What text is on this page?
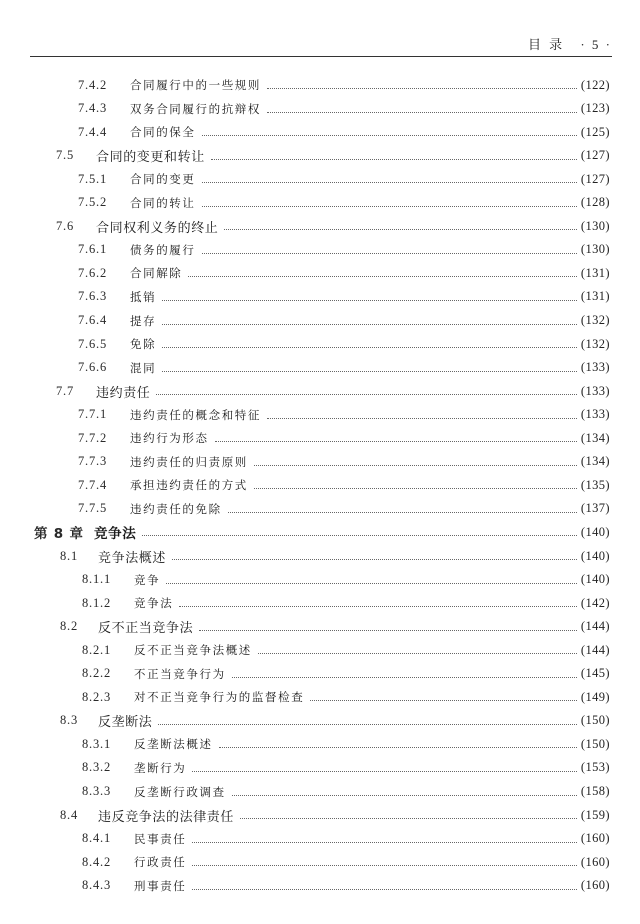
目 录 · 5 ·
7.4.2	合同履行中的一些规则	(122)
7.4.3	双务合同履行的抗辩权	(123)
7.4.4	合同的保全	(125)
7.5	合同的变更和转让	(127)
7.5.1	合同的变更	(127)
7.5.2	合同的转让	(128)
7.6	合同权利义务的终止	(130)
7.6.1	债务的履行	(130)
7.6.2	合同解除	(131)
7.6.3	抵销	(131)
7.6.4	提存	(132)
7.6.5	免除	(132)
7.6.6	混同	(133)
7.7	违约责任	(133)
7.7.1	违约责任的概念和特征	(133)
7.7.2	违约行为形态	(134)
7.7.3	违约责任的归责原则	(134)
7.7.4	承担违约责任的方式	(135)
7.7.5	违约责任的免除	(137)
第 8 章 竞争法	(140)
8.1	竞争法概述	(140)
8.1.1	竞争	(140)
8.1.2	竞争法	(142)
8.2	反不正当竞争法	(144)
8.2.1	反不正当竞争法概述	(144)
8.2.2	不正当竞争行为	(145)
8.2.3	对不正当竞争行为的监督检查	(149)
8.3	反垄断法	(150)
8.3.1	反垄断法概述	(150)
8.3.2	垄断行为	(153)
8.3.3	反垄断行政调查	(158)
8.4	违反竞争法的法律责任	(159)
8.4.1	民事责任	(160)
8.4.2	行政责任	(160)
8.4.3	刑事责任	(160)
